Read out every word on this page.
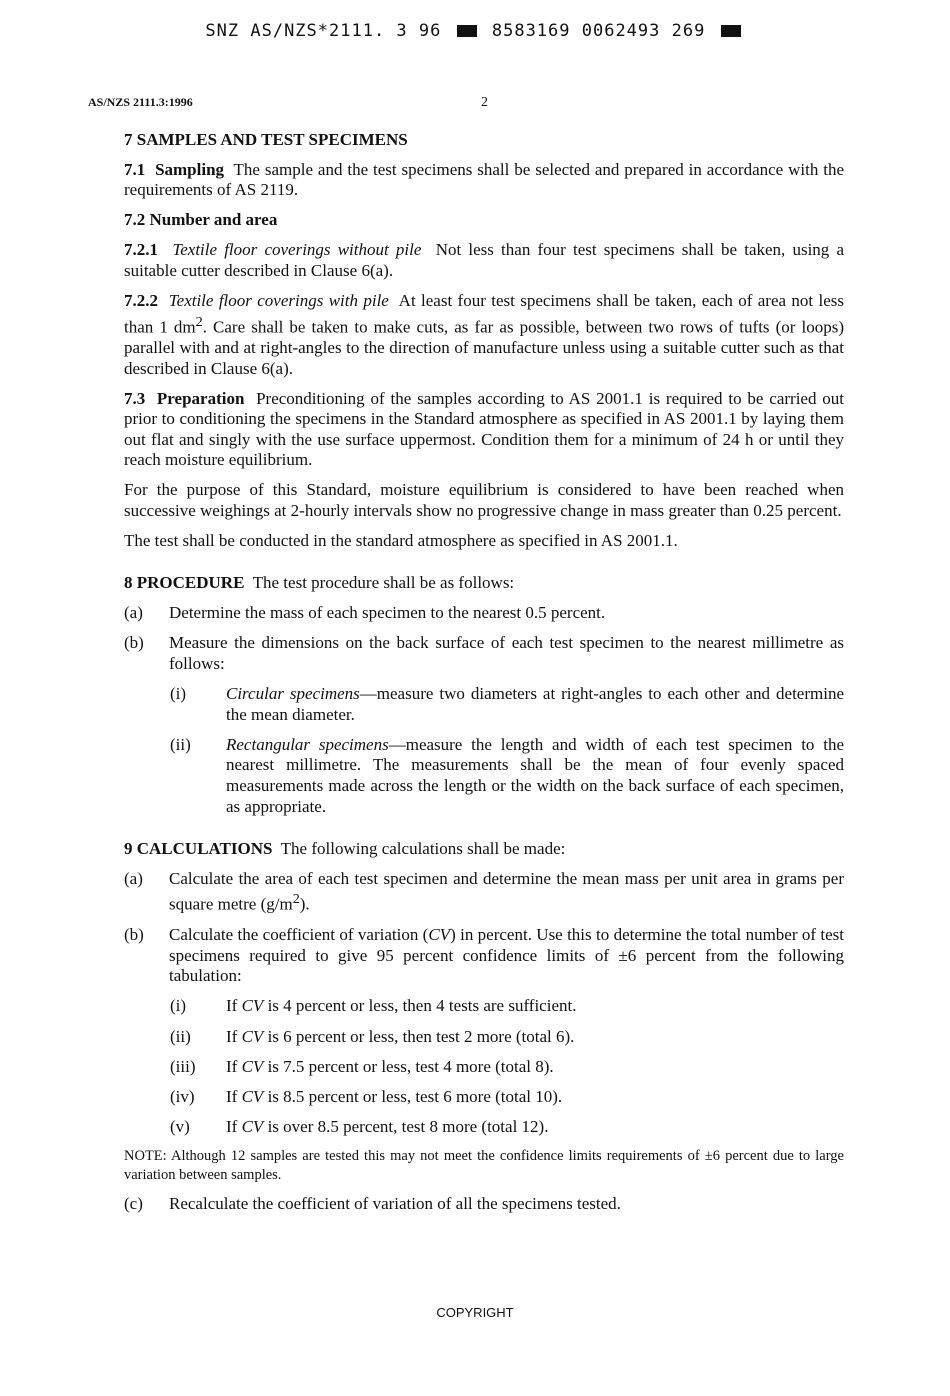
SNZ AS/NZS*2111. 3 96	8583169 0062493 269
AS/NZS 2111.3:1996	2
7 SAMPLES AND TEST SPECIMENS

7.1 Sampling The sample and the test specimens shall be selected and prepared in accordance with the requirements of AS 2119.

7.2 Number and area

7.2.1 Textile floor coverings without pile Not less than four test specimens shall be taken, using a suitable cutter described in Clause 6(a).

7.2.2 Textile floor coverings with pile At least four test specimens shall be taken, each of area not less than 1 $dm^2$. Care shall be taken to make cuts, as far as possible, between two rows of tufts (or loops) parallel with and at right-angles to the direction of manufacture unless using a suitable cutter such as that described in Clause 6(a).

7.3 Preparation Preconditioning of the samples according to AS 2001.1 is required to be carried out prior to conditioning the specimens in the Standard atmosphere as specified in AS 2001.1 by laying them out flat and singly with the use surface uppermost. Condition them for a minimum of 24 h or until they reach moisture equilibrium.

For the purpose of this Standard, moisture equilibrium is considered to have been reached when successive weighings at 2-hourly intervals show no progressive change in mass greater than 0.25 percent.

The test shall be conducted in the standard atmosphere as specified in AS 2001.1.

8 PROCEDURE The test procedure shall be as follows:

(a)	Determine the mass of each specimen to the nearest 0.5 percent.
(b)	Measure the dimensions on the back surface of each test specimen to the nearest millimetre as follows:
(i)	Circular specimens—measure two diameters at right-angles to each other and determine the mean diameter.
(ii)	Rectangular specimens—measure the length and width of each test specimen to the nearest millimetre. The measurements shall be the mean of four evenly spaced measurements made across the length or the width on the back surface of each specimen, as appropriate.

9 CALCULATIONS The following calculations shall be made:

(a)	Calculate the area of each test specimen and determine the mean mass per unit area in grams per square metre $(g/m^2)$.
(b)	Calculate the coefficient of variation (CV) in percent. Use this to determine the total number of test specimens required to give 95 percent confidence limits of ±6 percent from the following tabulation:
(i)	If CV is 4 percent or less, then 4 tests are sufficient.
(ii)	If CV is 6 percent or less, then test 2 more (total 6).
(iii)	If CV is 7.5 percent or less, test 4 more (total 8).
(iv)	If CV is 8.5 percent or less, test 6 more (total 10).
(v)	If CV is over 8.5 percent, test 8 more (total 12).

NOTE: Although 12 samples are tested this may not meet the confidence limits requirements of ±6 percent due to large variation between samples.

(c)	Recalculate the coefficient of variation of all the specimens tested.
COPYRIGHT
